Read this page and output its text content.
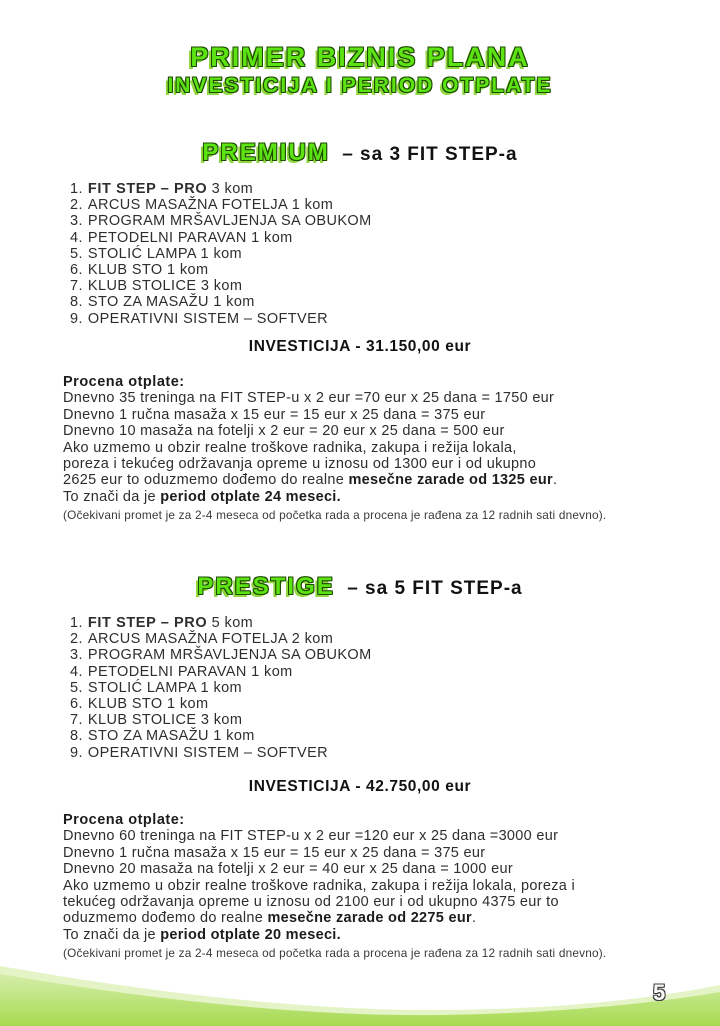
PRIMER BIZNIS PLANA
INVESTICIJA I PERIOD OTPLATE
PREMIUM – sa 3 FIT STEP-a
1. FIT STEP – PRO 3 kom
2. ARCUS MASAŽNA FOTELJA 1 kom
3. PROGRAM MRŠAVLJENJA SA OBUKOM
4. PETODELNI PARAVAN 1 kom
5. STOLIĆ LAMPA 1 kom
6. KLUB STO 1 kom
7. KLUB STOLICE 3 kom
8. STO ZA MASAŽU 1 kom
9. OPERATIVNI SISTEM – SOFTVER
INVESTICIJA - 31.150,00 eur
Procena otplate:
Dnevno 35 treninga na FIT STEP-u x 2 eur =70 eur x 25 dana = 1750 eur
Dnevno 1 ručna masaža x 15 eur = 15 eur x 25 dana = 375 eur
Dnevno 10 masaža na fotelji x 2 eur = 20 eur x 25 dana = 500 eur
Ako uzmemo u obzir realne troškove radnika, zakupa i režija lokala,
poreza i tekućeg održavanja opreme u iznosu od 1300 eur i od ukupno
2625 eur to oduzmemo dođemo do realne mesečne zarade od 1325 eur.
To znači da je period otplate 24 meseci.
(Očekivani promet je za 2-4 meseca od početka rada a procena je rađena za 12 radnih sati dnevno).
PRESTIGE – sa 5 FIT STEP-a
1. FIT STEP – PRO 5 kom
2. ARCUS MASAŽNA FOTELJA 2 kom
3. PROGRAM MRŠAVLJENJA SA OBUKOM
4. PETODELNI PARAVAN 1 kom
5. STOLIĆ LAMPA 1 kom
6. KLUB STO 1 kom
7. KLUB STOLICE 3 kom
8. STO ZA MASAŽU 1 kom
9. OPERATIVNI SISTEM – SOFTVER
INVESTICIJA - 42.750,00 eur
Procena otplate:
Dnevno 60 treninga na FIT STEP-u x 2 eur =120 eur x 25 dana =3000 eur
Dnevno 1 ručna masaža x 15 eur = 15 eur x 25 dana = 375 eur
Dnevno 20 masaža na fotelji x 2 eur = 40 eur x 25 dana = 1000 eur
Ako uzmemo u obzir realne troškove radnika, zakupa i režija lokala, poreza i
tekućeg održavanja opreme u iznosu od 2100 eur i od ukupno 4375 eur to
oduzmemo dođemo do realne mesečne zarade od 2275 eur.
To znači da je period otplate 20 meseci.
(Očekivani promet je za 2-4 meseca od početka rada a procena je rađena za 12 radnih sati dnevno).
5
